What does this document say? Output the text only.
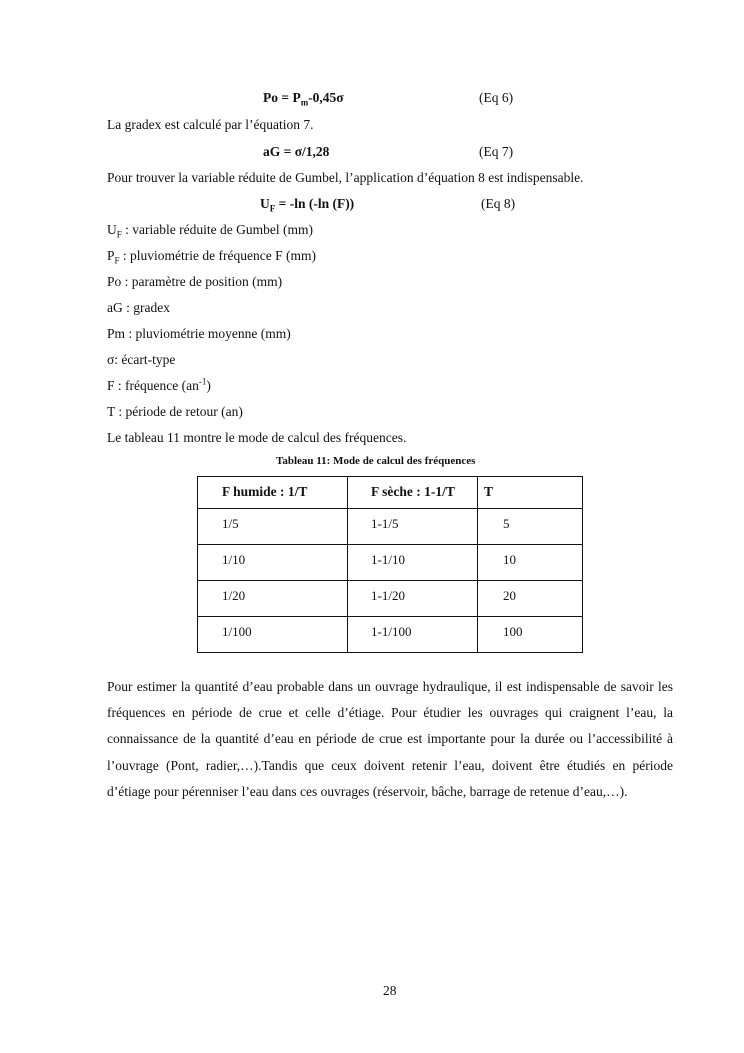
$Po = P_m-0,45\sigma$	(Eq 6)
La gradex est calculé par l’équation 7.
aG = σ/1,28	(Eq 7)
Pour trouver la variable réduite de Gumbel, l’application d’équation 8 est indispensable.
$U_F = -\ln$ (-ln (F))	(Eq 8)
$U_F$ : variable réduite de Gumbel (mm)
$P_F$ : pluviométrie de fréquence F (mm)
Po : paramètre de position (mm)
aG : gradex
Pm : pluviométrie moyenne (mm)
σ: écart-type
F : fréquence $(an^{-1})$
T : période de retour (an)
Le tableau 11 montre le mode de calcul des fréquences.
Tableau 11: Mode de calcul des fréquences
F humide : 1/T	F sèche : 1-1/T	T

1/5	1-1/5	5

1/10	1-1/10	10

1/20	1-1/20	20

1/100	1-1/100	100
Pour estimer la quantité d’eau probable dans un ouvrage hydraulique, il est indispensable de savoir les fréquences en période de crue et celle d’étiage. Pour étudier les ouvrages qui craignent l’eau, la connaissance de la quantité d’eau en période de crue est importante pour la durée ou l’accessibilité à l’ouvrage (Pont, radier,…).Tandis que ceux doivent retenir l’eau, doivent être étudiés en période d’étiage pour pérenniser l’eau dans ces ouvrages (réservoir, bâche, barrage de retenue d’eau,…).
28
